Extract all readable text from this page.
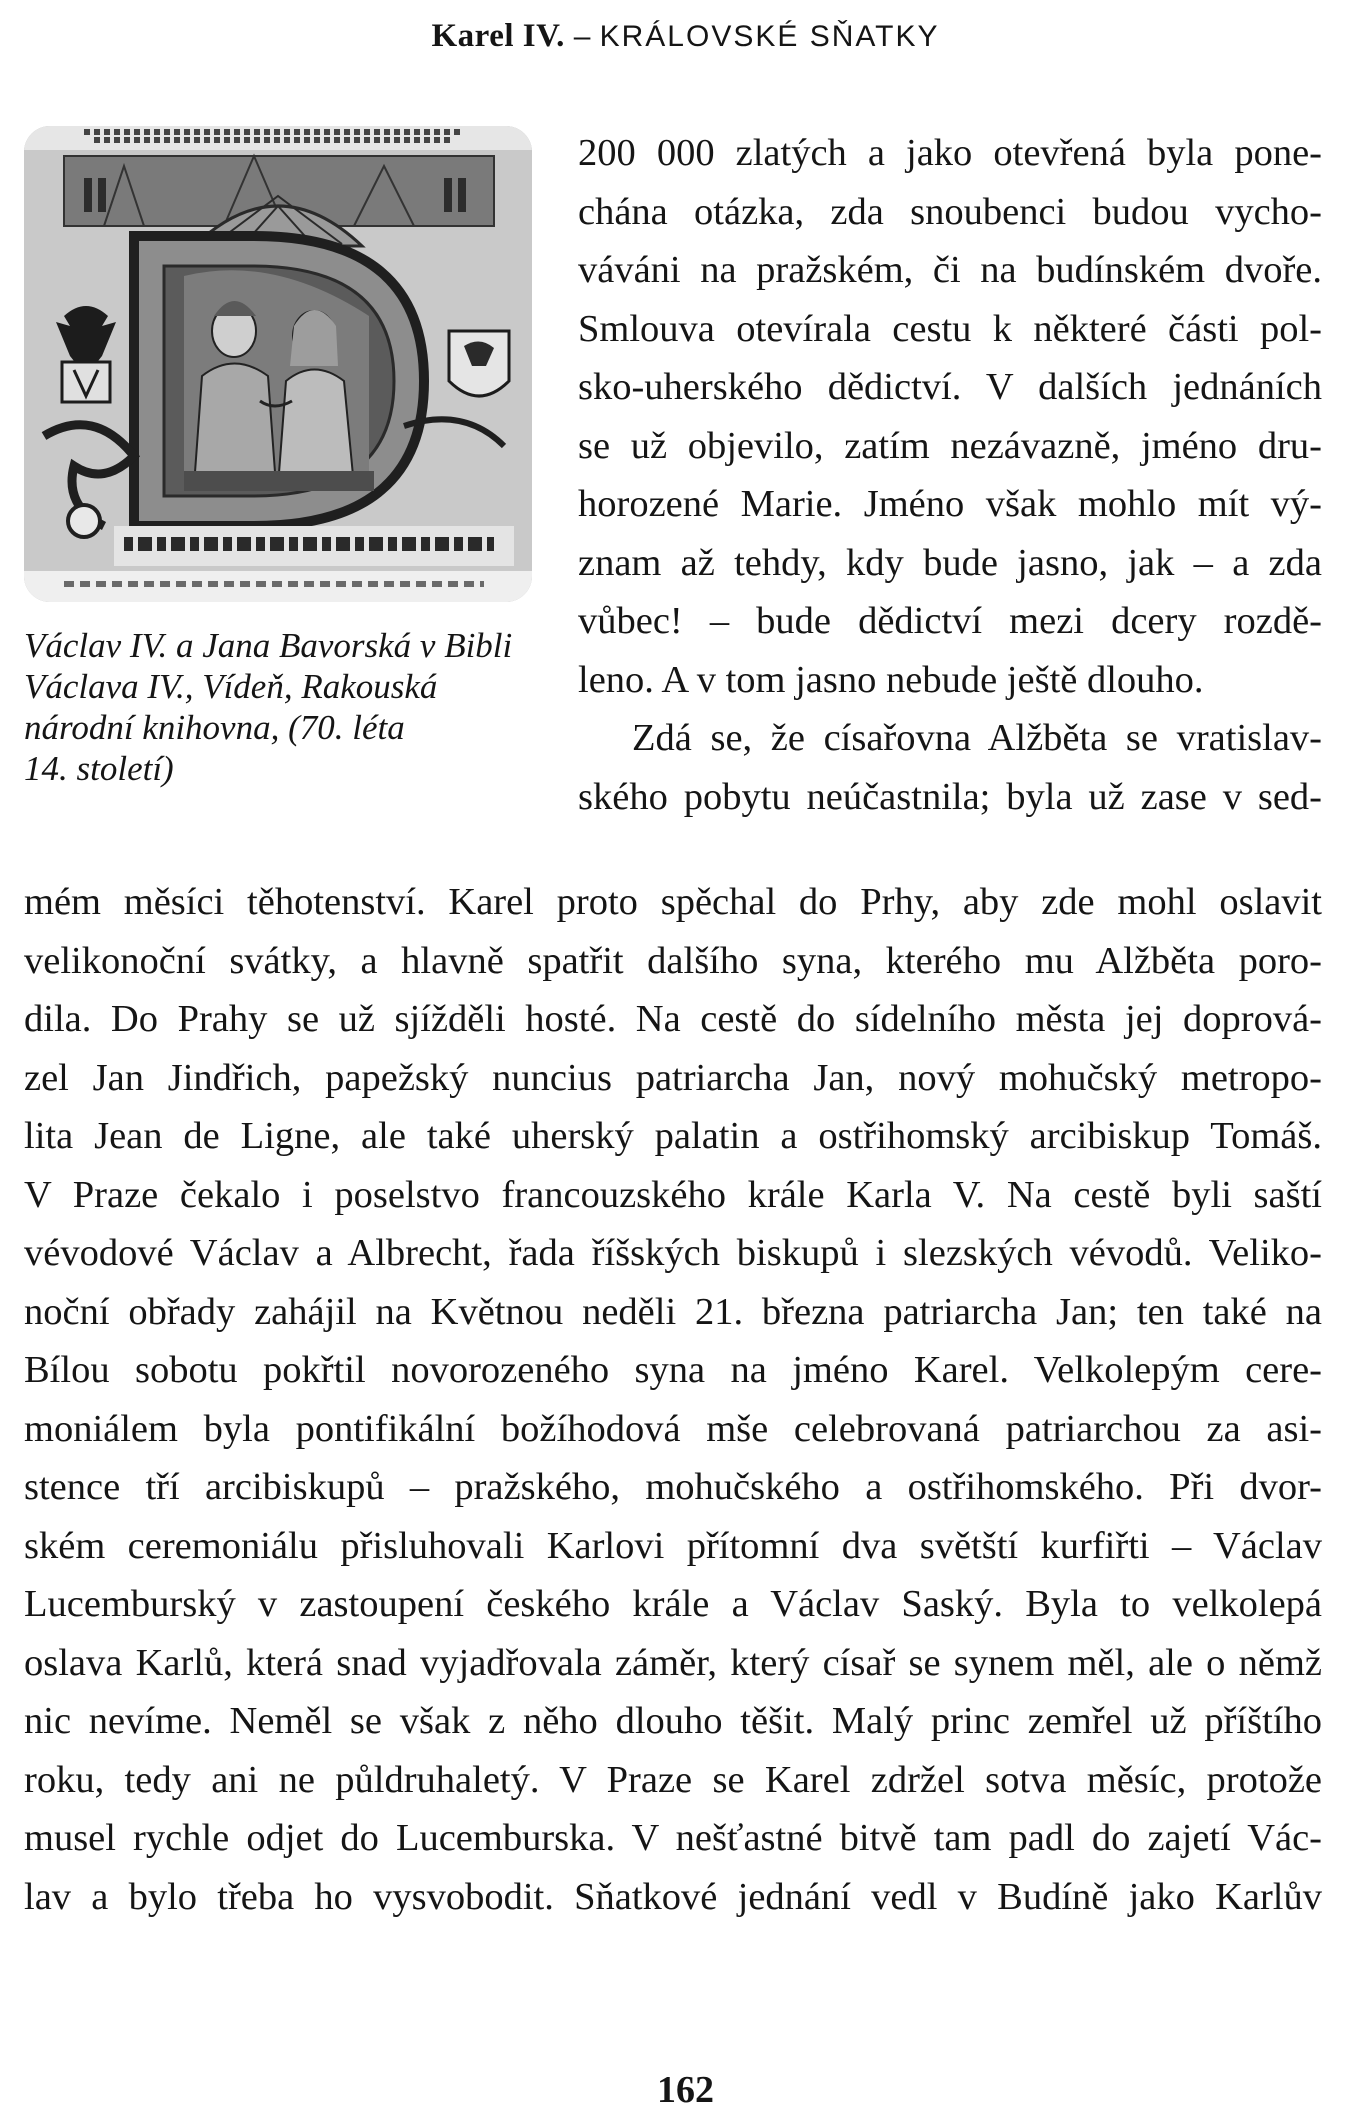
Karel IV. – KRÁLOVSKÉ SŇATKY
Václav IV. a Jana Bavorská v Bibli
Václava IV., Vídeň, Rakouská
národní knihovna, (70. léta
14. století)
200 000 zlatých a jako otevřená byla pone-
chána otázka, zda snoubenci budou vycho-
váváni na pražském, či na budínském dvoře.
Smlouva otevírala cestu k některé části pol-
sko-uherského dědictví. V dalších jednáních
se už objevilo, zatím nezávazně, jméno dru-
horozené Marie. Jméno však mohlo mít vý-
znam až tehdy, kdy bude jasno, jak – a zda
vůbec! – bude dědictví mezi dcery rozdě-
leno. A v tom jasno nebude ještě dlouho.
Zdá se, že císařovna Alžběta se vratislav-
ského pobytu neúčastnila; byla už zase v sed-
mém měsíci těhotenství. Karel proto spěchal do Prhy, aby zde mohl oslavit
velikonoční svátky, a hlavně spatřit dalšího syna, kterého mu Alžběta poro-
dila. Do Prahy se už sjížděli hosté. Na cestě do sídelního města jej doprová-
zel Jan Jindřich, papežský nuncius patriarcha Jan, nový mohučský metropo-
lita Jean de Ligne, ale také uherský palatin a ostřihomský arcibiskup Tomáš.
V Praze čekalo i poselstvo francouzského krále Karla V. Na cestě byli saští
vévodové Václav a Albrecht, řada říšských biskupů i slezských vévodů. Veliko-
noční obřady zahájil na Květnou neděli 21. března patriarcha Jan; ten také na
Bílou sobotu pokřtil novorozeného syna na jméno Karel. Velkolepým cere-
moniálem byla pontifikální božíhodová mše celebrovaná patriarchou za asi-
stence tří arcibiskupů – pražského, mohučského a ostřihomského. Při dvor-
ském ceremoniálu přisluhovali Karlovi přítomní dva světští kurfiřti – Václav
Lucemburský v zastoupení českého krále a Václav Saský. Byla to velkolepá
oslava Karlů, která snad vyjadřovala záměr, který císař se synem měl, ale o němž
nic nevíme. Neměl se však z něho dlouho těšit. Malý princ zemřel už příštího
roku, tedy ani ne půldruhaletý. V Praze se Karel zdržel sotva měsíc, protože
musel rychle odjet do Lucemburska. V nešťastné bitvě tam padl do zajetí Vác-
lav a bylo třeba ho vysvobodit. Sňatkové jednání vedl v Budíně jako Karlův
162
